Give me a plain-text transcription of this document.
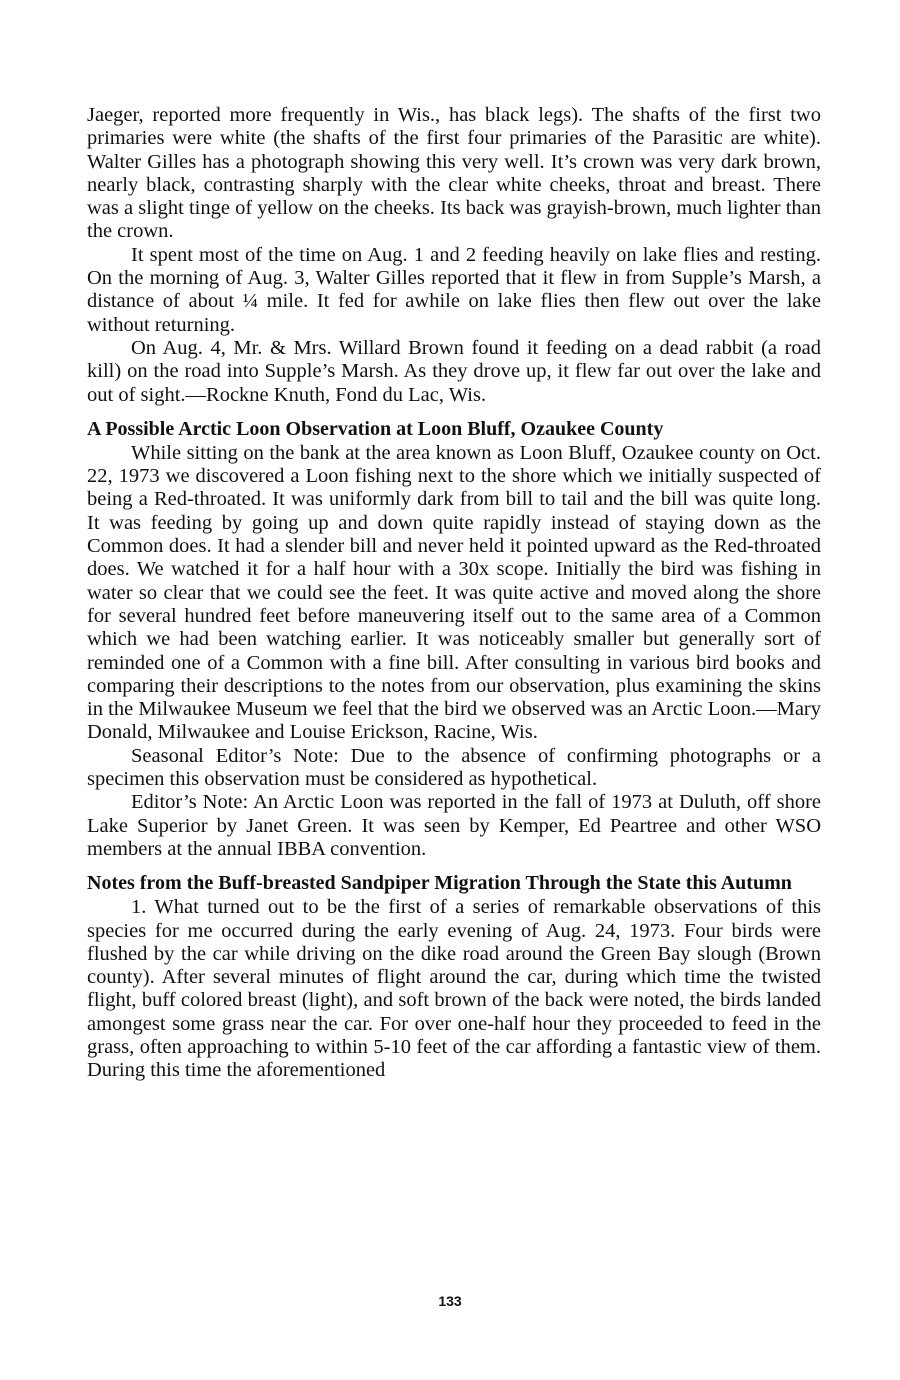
Jaeger, reported more frequently in Wis., has black legs). The shafts of the first two primaries were white (the shafts of the first four primaries of the Parasitic are white). Walter Gilles has a photograph showing this very well. It’s crown was very dark brown, nearly black, contrasting sharply with the clear white cheeks, throat and breast. There was a slight tinge of yellow on the cheeks. Its back was grayish-brown, much lighter than the crown.

It spent most of the time on Aug. 1 and 2 feeding heavily on lake flies and resting. On the morning of Aug. 3, Walter Gilles reported that it flew in from Supple’s Marsh, a distance of about ¼ mile. It fed for awhile on lake flies then flew out over the lake without returning.

On Aug. 4, Mr. & Mrs. Willard Brown found it feeding on a dead rabbit (a road kill) on the road into Supple’s Marsh. As they drove up, it flew far out over the lake and out of sight.—Rockne Knuth, Fond du Lac, Wis.

A Possible Arctic Loon Observation at Loon Bluff, Ozaukee County

While sitting on the bank at the area known as Loon Bluff, Ozaukee county on Oct. 22, 1973 we discovered a Loon fishing next to the shore which we initially suspected of being a Red-throated. It was uniformly dark from bill to tail and the bill was quite long. It was feeding by going up and down quite rapidly instead of staying down as the Common does. It had a slender bill and never held it pointed upward as the Red-throated does. We watched it for a half hour with a 30x scope. Initially the bird was fishing in water so clear that we could see the feet. It was quite active and moved along the shore for several hundred feet before maneuvering itself out to the same area of a Common which we had been watching earlier. It was noticeably smaller but generally sort of reminded one of a Common with a fine bill. After consulting in various bird books and comparing their descriptions to the notes from our observation, plus examining the skins in the Milwaukee Museum we feel that the bird we observed was an Arctic Loon.—Mary Donald, Milwaukee and Louise Erickson, Racine, Wis.

Seasonal Editor’s Note: Due to the absence of confirming photographs or a specimen this observation must be considered as hypothetical.

Editor’s Note: An Arctic Loon was reported in the fall of 1973 at Duluth, off shore Lake Superior by Janet Green. It was seen by Kemper, Ed Peartree and other WSO members at the annual IBBA convention.

Notes from the Buff-breasted Sandpiper Migration Through the State this Autumn

1. What turned out to be the first of a series of remarkable observations of this species for me occurred during the early evening of Aug. 24, 1973. Four birds were flushed by the car while driving on the dike road around the Green Bay slough (Brown county). After several minutes of flight around the car, during which time the twisted flight, buff colored breast (light), and soft brown of the back were noted, the birds landed amongest some grass near the car. For over one-half hour they proceeded to feed in the grass, often approaching to within 5-10 feet of the car affording a fantastic view of them. During this time the aforementioned

133
